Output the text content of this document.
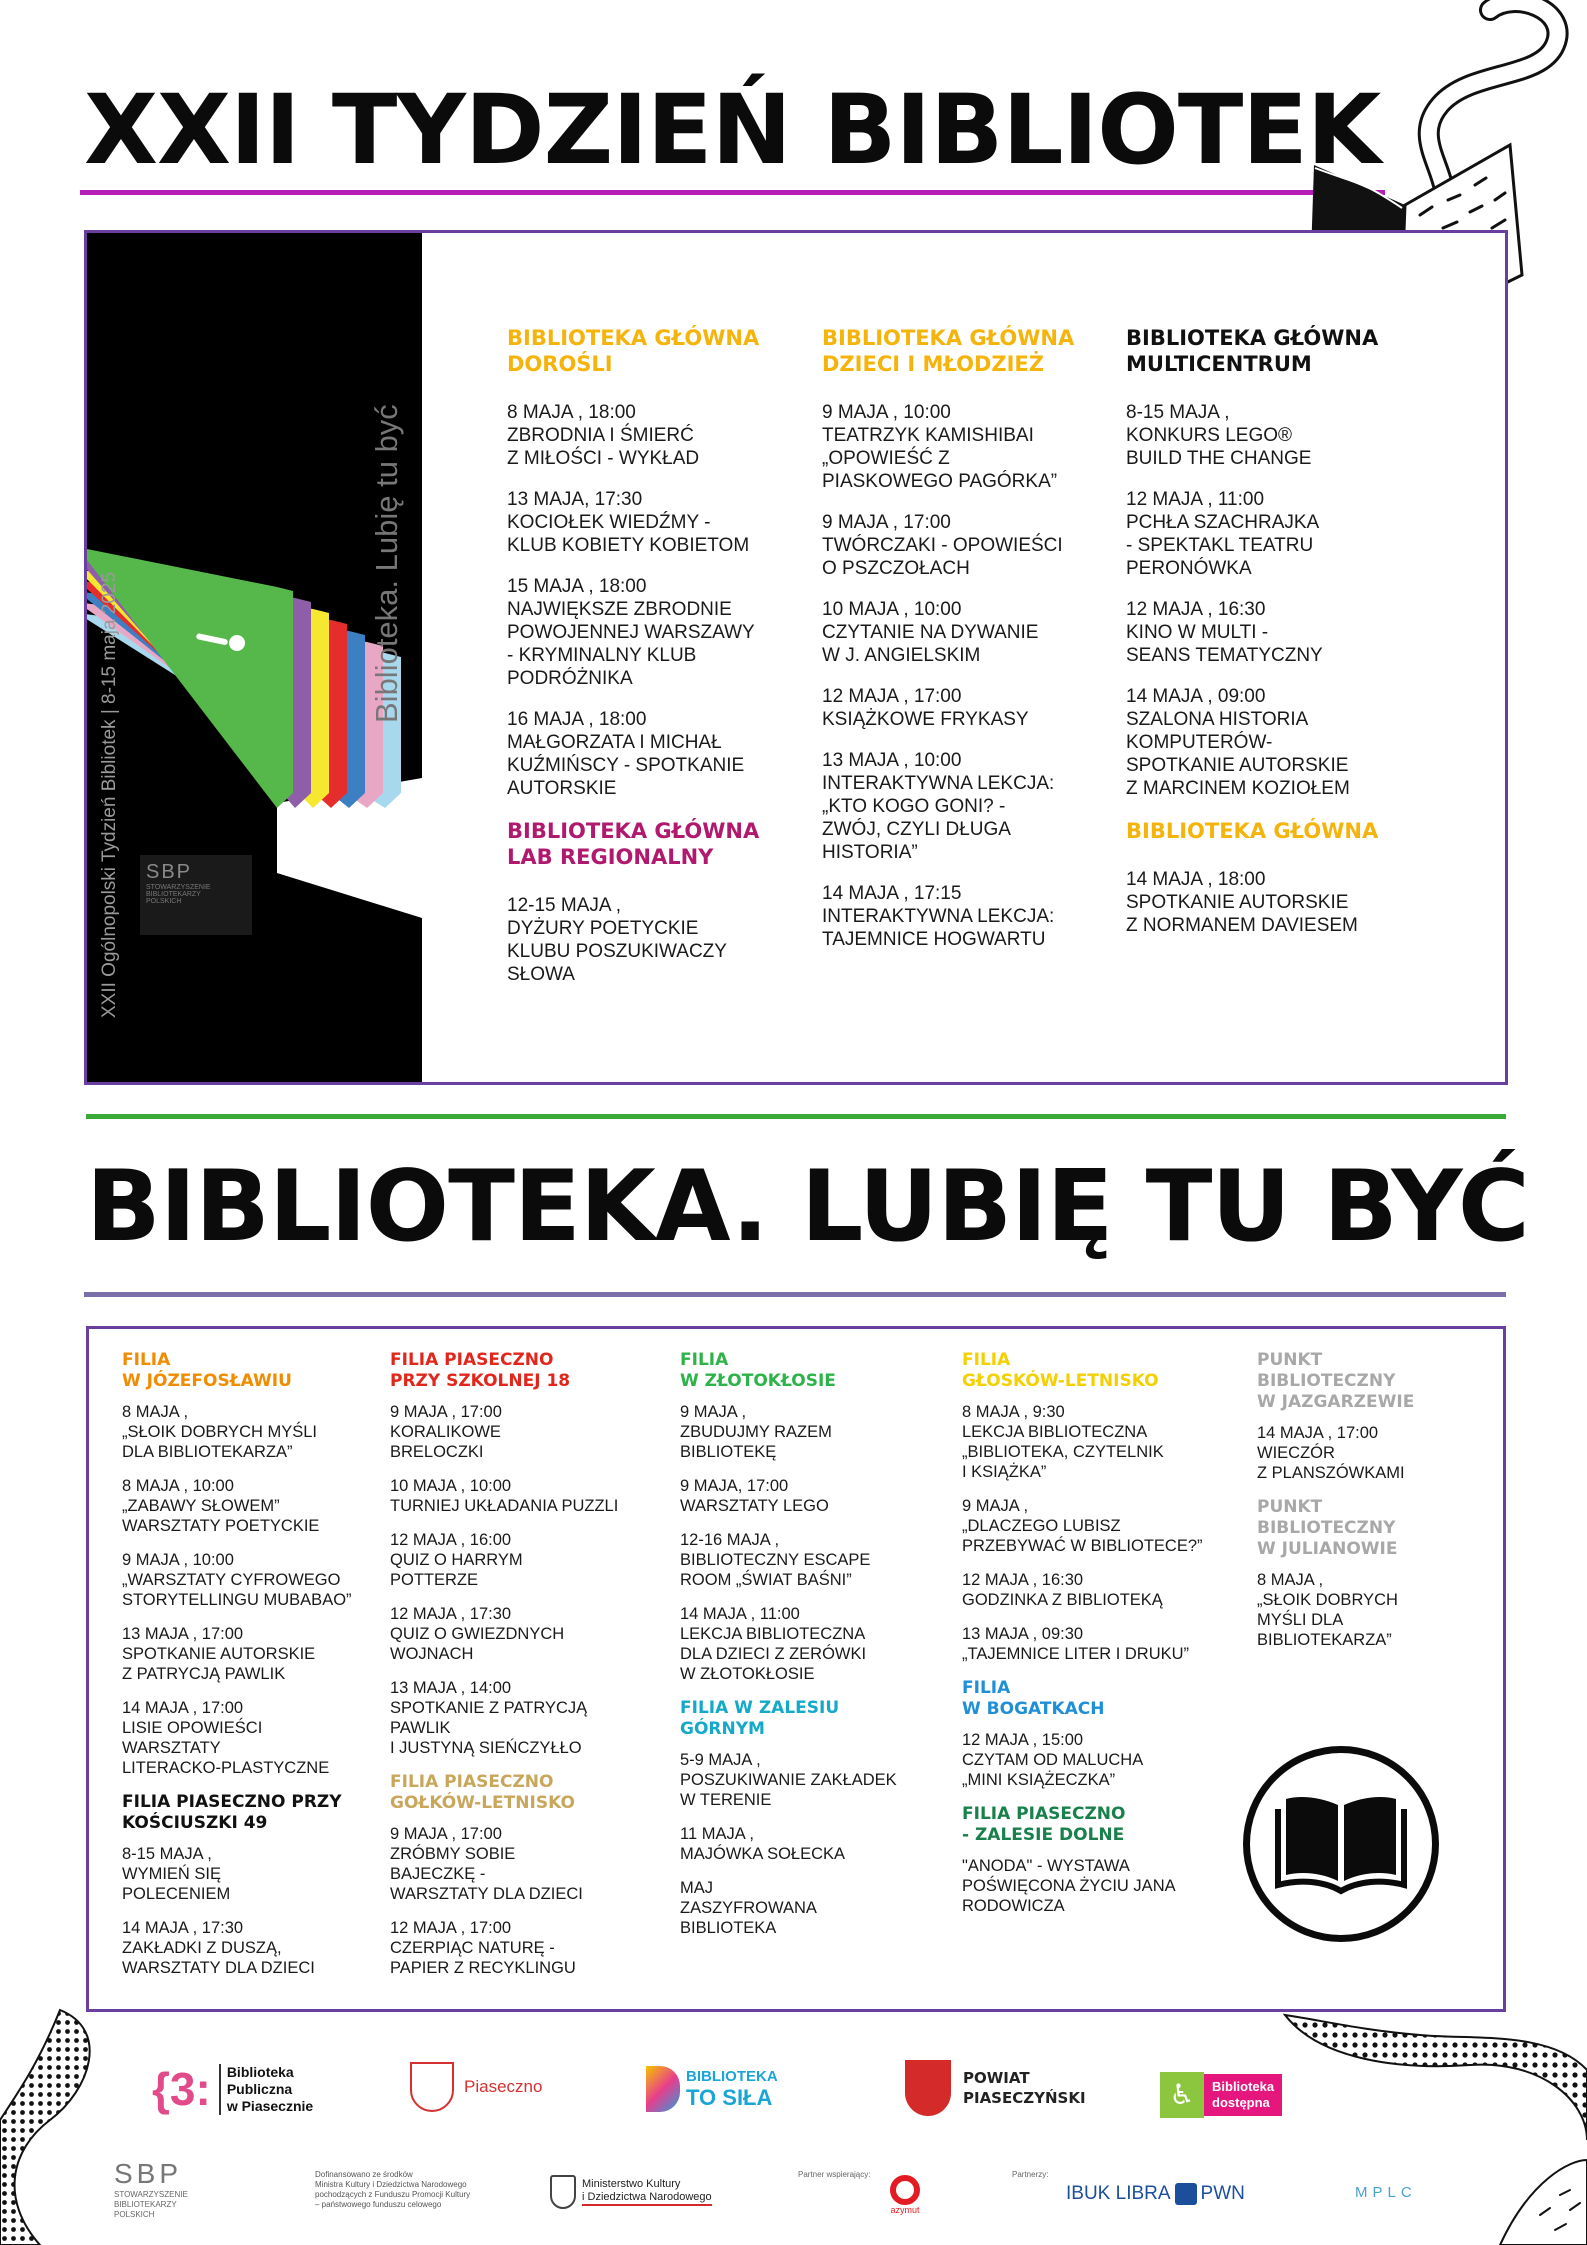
XXII TYDZIEŃ BIBLIOTEK
XXII Ogólnopolski Tydzień Bibliotek | 8-15 maja 2025
Biblioteka. Lubię tu być
SBP
STOWARZYSZENIE
BIBLIOTEKARZY
POLSKICH
BIBLIOTEKA GŁÓWNA
DOROŚLI
8 MAJA , 18:00
ZBRODNIA I ŚMIERĆ
Z MIŁOŚCI - WYKŁAD
13 MAJA, 17:30
KOCIOŁEK WIEDŹMY -
KLUB KOBIETY KOBIETOM
15 MAJA , 18:00
NAJWIĘKSZE ZBRODNIE
POWOJENNEJ WARSZAWY
- KRYMINALNY KLUB
PODRÓŻNIKA
16 MAJA , 18:00
MAŁGORZATA I MICHAŁ
KUŹMIŃSCY - SPOTKANIE
AUTORSKIE
BIBLIOTEKA GŁÓWNA
LAB REGIONALNY
12-15 MAJA ,
DYŻURY POETYCKIE
KLUBU POSZUKIWACZY
SŁOWA
BIBLIOTEKA GŁÓWNA
DZIECI I MŁODZIEŻ
9 MAJA , 10:00
TEATRZYK KAMISHIBAI
„OPOWIEŚĆ Z
PIASKOWEGO PAGÓRKA”
9 MAJA , 17:00
TWÓRCZAKI - OPOWIEŚCI
O PSZCZOŁACH
10 MAJA , 10:00
CZYTANIE NA DYWANIE
W J. ANGIELSKIM
12 MAJA , 17:00
KSIĄŻKOWE FRYKASY
13 MAJA , 10:00
INTERAKTYWNA LEKCJA:
„KTO KOGO GONI? -
ZWÓJ, CZYLI DŁUGA
HISTORIA”
14 MAJA , 17:15
INTERAKTYWNA LEKCJA:
TAJEMNICE HOGWARTU
BIBLIOTEKA GŁÓWNA
MULTICENTRUM
8-15 MAJA ,
KONKURS LEGO®
BUILD THE CHANGE
12 MAJA , 11:00
PCHŁA SZACHRAJKA
- SPEKTAKL TEATRU
PERONÓWKA
12 MAJA , 16:30
KINO W MULTI -
SEANS TEMATYCZNY
14 MAJA , 09:00
SZALONA HISTORIA
KOMPUTERÓW-
SPOTKANIE AUTORSKIE
Z MARCINEM KOZIOŁEM
BIBLIOTEKA GŁÓWNA
14 MAJA , 18:00
SPOTKANIE AUTORSKIE
Z NORMANEM DAVIESEM
BIBLIOTEKA. LUBIĘ TU BYĆ
FILIA
W JÓZEFOSŁAWIU
8 MAJA ,
„SŁOIK DOBRYCH MYŚLI
DLA BIBLIOTEKARZA”
8 MAJA , 10:00
„ZABAWY SŁOWEM”
WARSZTATY POETYCKIE
9 MAJA , 10:00
„WARSZTATY CYFROWEGO
STORYTELLINGU MUBABAO”
13 MAJA , 17:00
SPOTKANIE AUTORSKIE
Z PATRYCJĄ PAWLIK
14 MAJA , 17:00
LISIE OPOWIEŚCI
WARSZTATY
LITERACKO-PLASTYCZNE
FILIA PIASECZNO PRZY
KOŚCIUSZKI 49
8-15 MAJA ,
WYMIEŃ SIĘ
POLECENIEM
14 MAJA , 17:30
ZAKŁADKI Z DUSZĄ,
WARSZTATY DLA DZIECI
FILIA PIASECZNO
PRZY SZKOLNEJ 18
9 MAJA , 17:00
KORALIKOWE
BRELOCZKI
10 MAJA , 10:00
TURNIEJ UKŁADANIA PUZZLI
12 MAJA , 16:00
QUIZ O HARRYM
POTTERZE
12 MAJA , 17:30
QUIZ O GWIEZDNYCH
WOJNACH
13 MAJA , 14:00
SPOTKANIE Z PATRYCJĄ
PAWLIK
I JUSTYNĄ SIEŃCZYŁŁO
FILIA PIASECZNO
GOŁKÓW-LETNISKO
9 MAJA , 17:00
ZRÓBMY SOBIE
BAJECZKĘ -
WARSZTATY DLA DZIECI
12 MAJA , 17:00
CZERPIĄC NATURĘ -
PAPIER Z RECYKLINGU
FILIA
W ZŁOTOKŁOSIE
9 MAJA ,
ZBUDUJMY RAZEM
BIBLIOTEKĘ
9 MAJA, 17:00
WARSZTATY LEGO
12-16 MAJA ,
BIBLIOTECZNY ESCAPE
ROOM „ŚWIAT BAŚNI”
14 MAJA , 11:00
LEKCJA BIBLIOTECZNA
DLA DZIECI Z ZERÓWKI
W ZŁOTOKŁOSIE
FILIA W ZALESIU
GÓRNYM
5-9 MAJA ,
POSZUKIWANIE ZAKŁADEK
W TERENIE
11 MAJA ,
MAJÓWKA SOŁECKA
MAJ
ZASZYFROWANA
BIBLIOTEKA
FILIA
GŁOSKÓW-LETNISKO
8 MAJA , 9:30
LEKCJA BIBLIOTECZNA
„BIBLIOTEKA, CZYTELNIK
I KSIĄŻKA”
9 MAJA ,
„DLACZEGO LUBISZ
PRZEBYWAĆ W BIBLIOTECE?”
12 MAJA , 16:30
GODZINKA Z BIBLIOTEKĄ
13 MAJA , 09:30
„TAJEMNICE LITER I DRUKU”
FILIA
W BOGATKACH
12 MAJA , 15:00
CZYTAM OD MALUCHA
„MINI KSIĄŻECZKA”
FILIA PIASECZNO
- ZALESIE DOLNE
"ANODA" - WYSTAWA
POŚWIĘCONA ŻYCIU JANA
RODOWICZA
PUNKT
BIBLIOTECZNY
W JAZGARZEWIE
14 MAJA , 17:00
WIECZÓR
Z PLANSZÓWKAMI
PUNKT
BIBLIOTECZNY
W JULIANOWIE
8 MAJA ,
„SŁOIK DOBRYCH
MYŚLI DLA
BIBLIOTEKARZA”
{3: Biblioteka
Publiczna
w Piasecznie
Piaseczno
BIBLIOTEKA
TO SIŁA
POWIAT
PIASECZYŃSKI	♿	Biblioteka
dostępna
SBP
STOWARZYSZENIE BIBLIOTEKARZY POLSKICH
Dofinansowano ze środków
Ministra Kultury i Dziedzictwa Narodowego
pochodzących z Funduszu Promocji Kultury
– państwowego funduszu celowego
Ministerstwo Kultury
i Dziedzictwa Narodowego
Partner wspierający:
azymut
Partnerzy:
IBUK LIBRA PWN	MPLC
